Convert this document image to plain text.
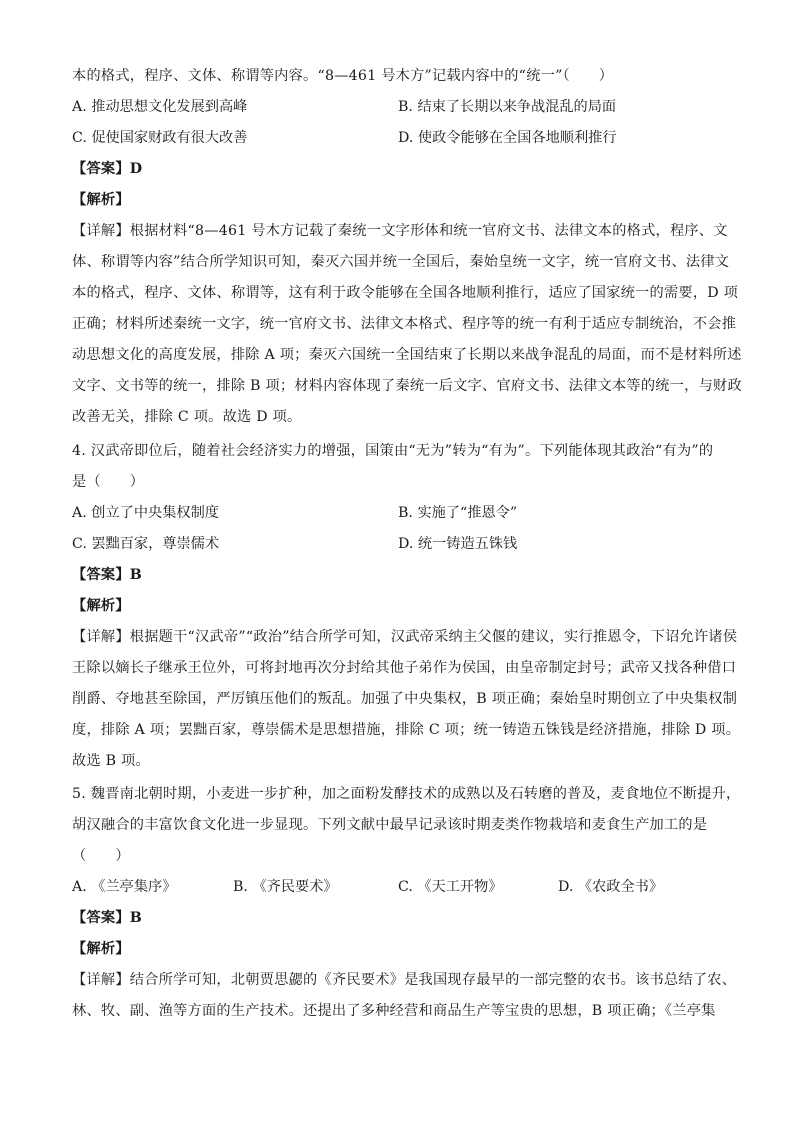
本的格式，程序、文体、称谓等内容。“8—461 号木方”记载内容中的“统一”（　　）
A. 推动思想文化发展到高峰	B. 结束了长期以来争战混乱的局面
C. 促使国家财政有很大改善	D. 使政令能够在全国各地顺利推行
【答案】D
【解析】
【详解】根据材料“8—461 号木方记载了秦统一文字形体和统一官府文书、法律文本的格式，程序、文
体、称谓等内容”结合所学知识可知，秦灭六国并统一全国后，秦始皇统一文字，统一官府文书、法律文
本的格式，程序、文体、称谓等，这有利于政令能够在全国各地顺利推行，适应了国家统一的需要，D 项
正确；材料所述秦统一文字，统一官府文书、法律文本格式、程序等的统一有利于适应专制统治，不会推
动思想文化的高度发展，排除 A 项；秦灭六国统一全国结束了长期以来战争混乱的局面，而不是材料所述
文字、文书等的统一，排除 B 项；材料内容体现了秦统一后文字、官府文书、法律文本等的统一，与财政
改善无关，排除 C 项。故选 D 项。
4. 汉武帝即位后，随着社会经济实力的增强，国策由“无为”转为“有为”。下列能体现其政治“有为”的
是（　　）
A. 创立了中央集权制度	B. 实施了“推恩令”
C. 罢黜百家，尊崇儒术	D. 统一铸造五铢钱
【答案】B
【解析】
【详解】根据题干“汉武帝”“政治”结合所学可知，汉武帝采纳主父偃的建议，实行推恩令，下诏允许诸侯
王除以嫡长子继承王位外，可将封地再次分封给其他子弟作为侯国，由皇帝制定封号；武帝又找各种借口
削爵、夺地甚至除国，严厉镇压他们的叛乱。加强了中央集权，B 项正确；秦始皇时期创立了中央集权制
度，排除 A 项；罢黜百家，尊崇儒术是思想措施，排除 C 项；统一铸造五铢钱是经济措施，排除 D 项。
故选 B 项。
5. 魏晋南北朝时期，小麦进一步扩种，加之面粉发酵技术的成熟以及石转磨的普及，麦食地位不断提升，
胡汉融合的丰富饮食文化进一步显现。下列文献中最早记录该时期麦类作物栽培和麦食生产加工的是
（　　）
A. 《兰亭集序》	B. 《齐民要术》	C. 《天工开物》	D. 《农政全书》
【答案】B
【解析】
【详解】结合所学可知，北朝贾思勰的《齐民要术》是我国现存最早的一部完整的农书。该书总结了农、
林、牧、副、渔等方面的生产技术。还提出了多种经营和商品生产等宝贵的思想，B 项正确；《兰亭集
